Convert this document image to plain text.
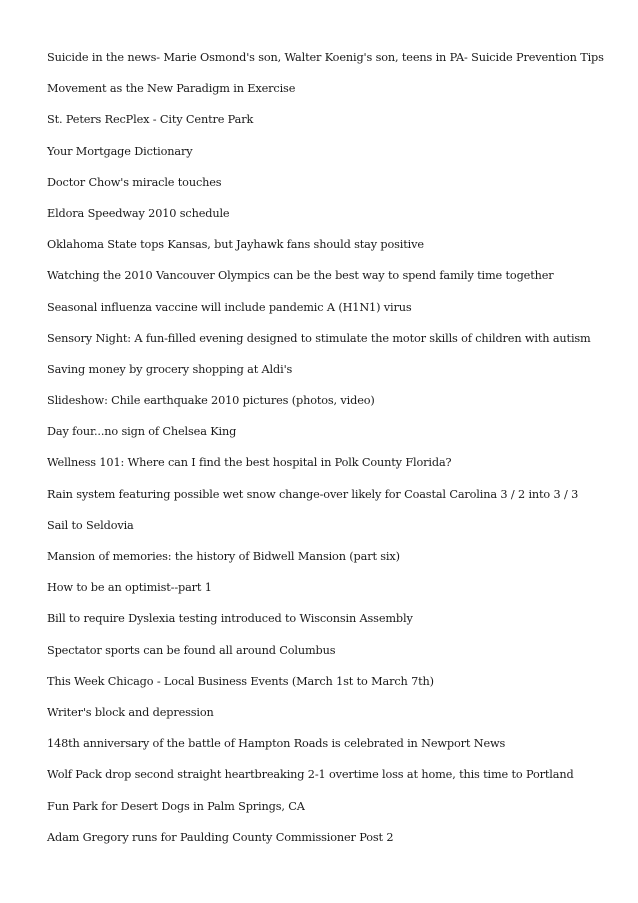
Suicide in the news- Marie Osmond's son, Walter Koenig's son, teens in PA- Suicide Prevention Tips
Movement as the New Paradigm in Exercise
St. Peters RecPlex - City Centre Park
Your Mortgage Dictionary
Doctor Chow's miracle touches
Eldora Speedway 2010 schedule
Oklahoma State tops Kansas, but Jayhawk fans should stay positive
Watching the 2010 Vancouver Olympics can be the best way to spend family time together
Seasonal influenza vaccine will include pandemic A (H1N1) virus
Sensory Night: A fun-filled evening designed to stimulate the motor skills of children with autism
Saving money by grocery shopping at Aldi's
Slideshow: Chile earthquake 2010 pictures (photos, video)
Day four...no sign of Chelsea King
Wellness 101: Where can I find the best hospital in Polk County Florida?
Rain system featuring possible wet snow change-over likely for Coastal Carolina 3 / 2 into 3 / 3
Sail to Seldovia
Mansion of memories: the history of Bidwell Mansion (part six)
How to be an optimist--part 1
Bill to require Dyslexia testing introduced to Wisconsin Assembly
Spectator sports can be found all around Columbus
This Week Chicago - Local Business Events (March 1st to March 7th)
Writer's block and depression
148th anniversary of the battle of Hampton Roads is celebrated in Newport News
Wolf Pack drop second straight heartbreaking 2-1 overtime loss at home, this time to Portland
Fun Park for Desert Dogs in Palm Springs, CA
Adam Gregory runs for Paulding County Commissioner Post 2
